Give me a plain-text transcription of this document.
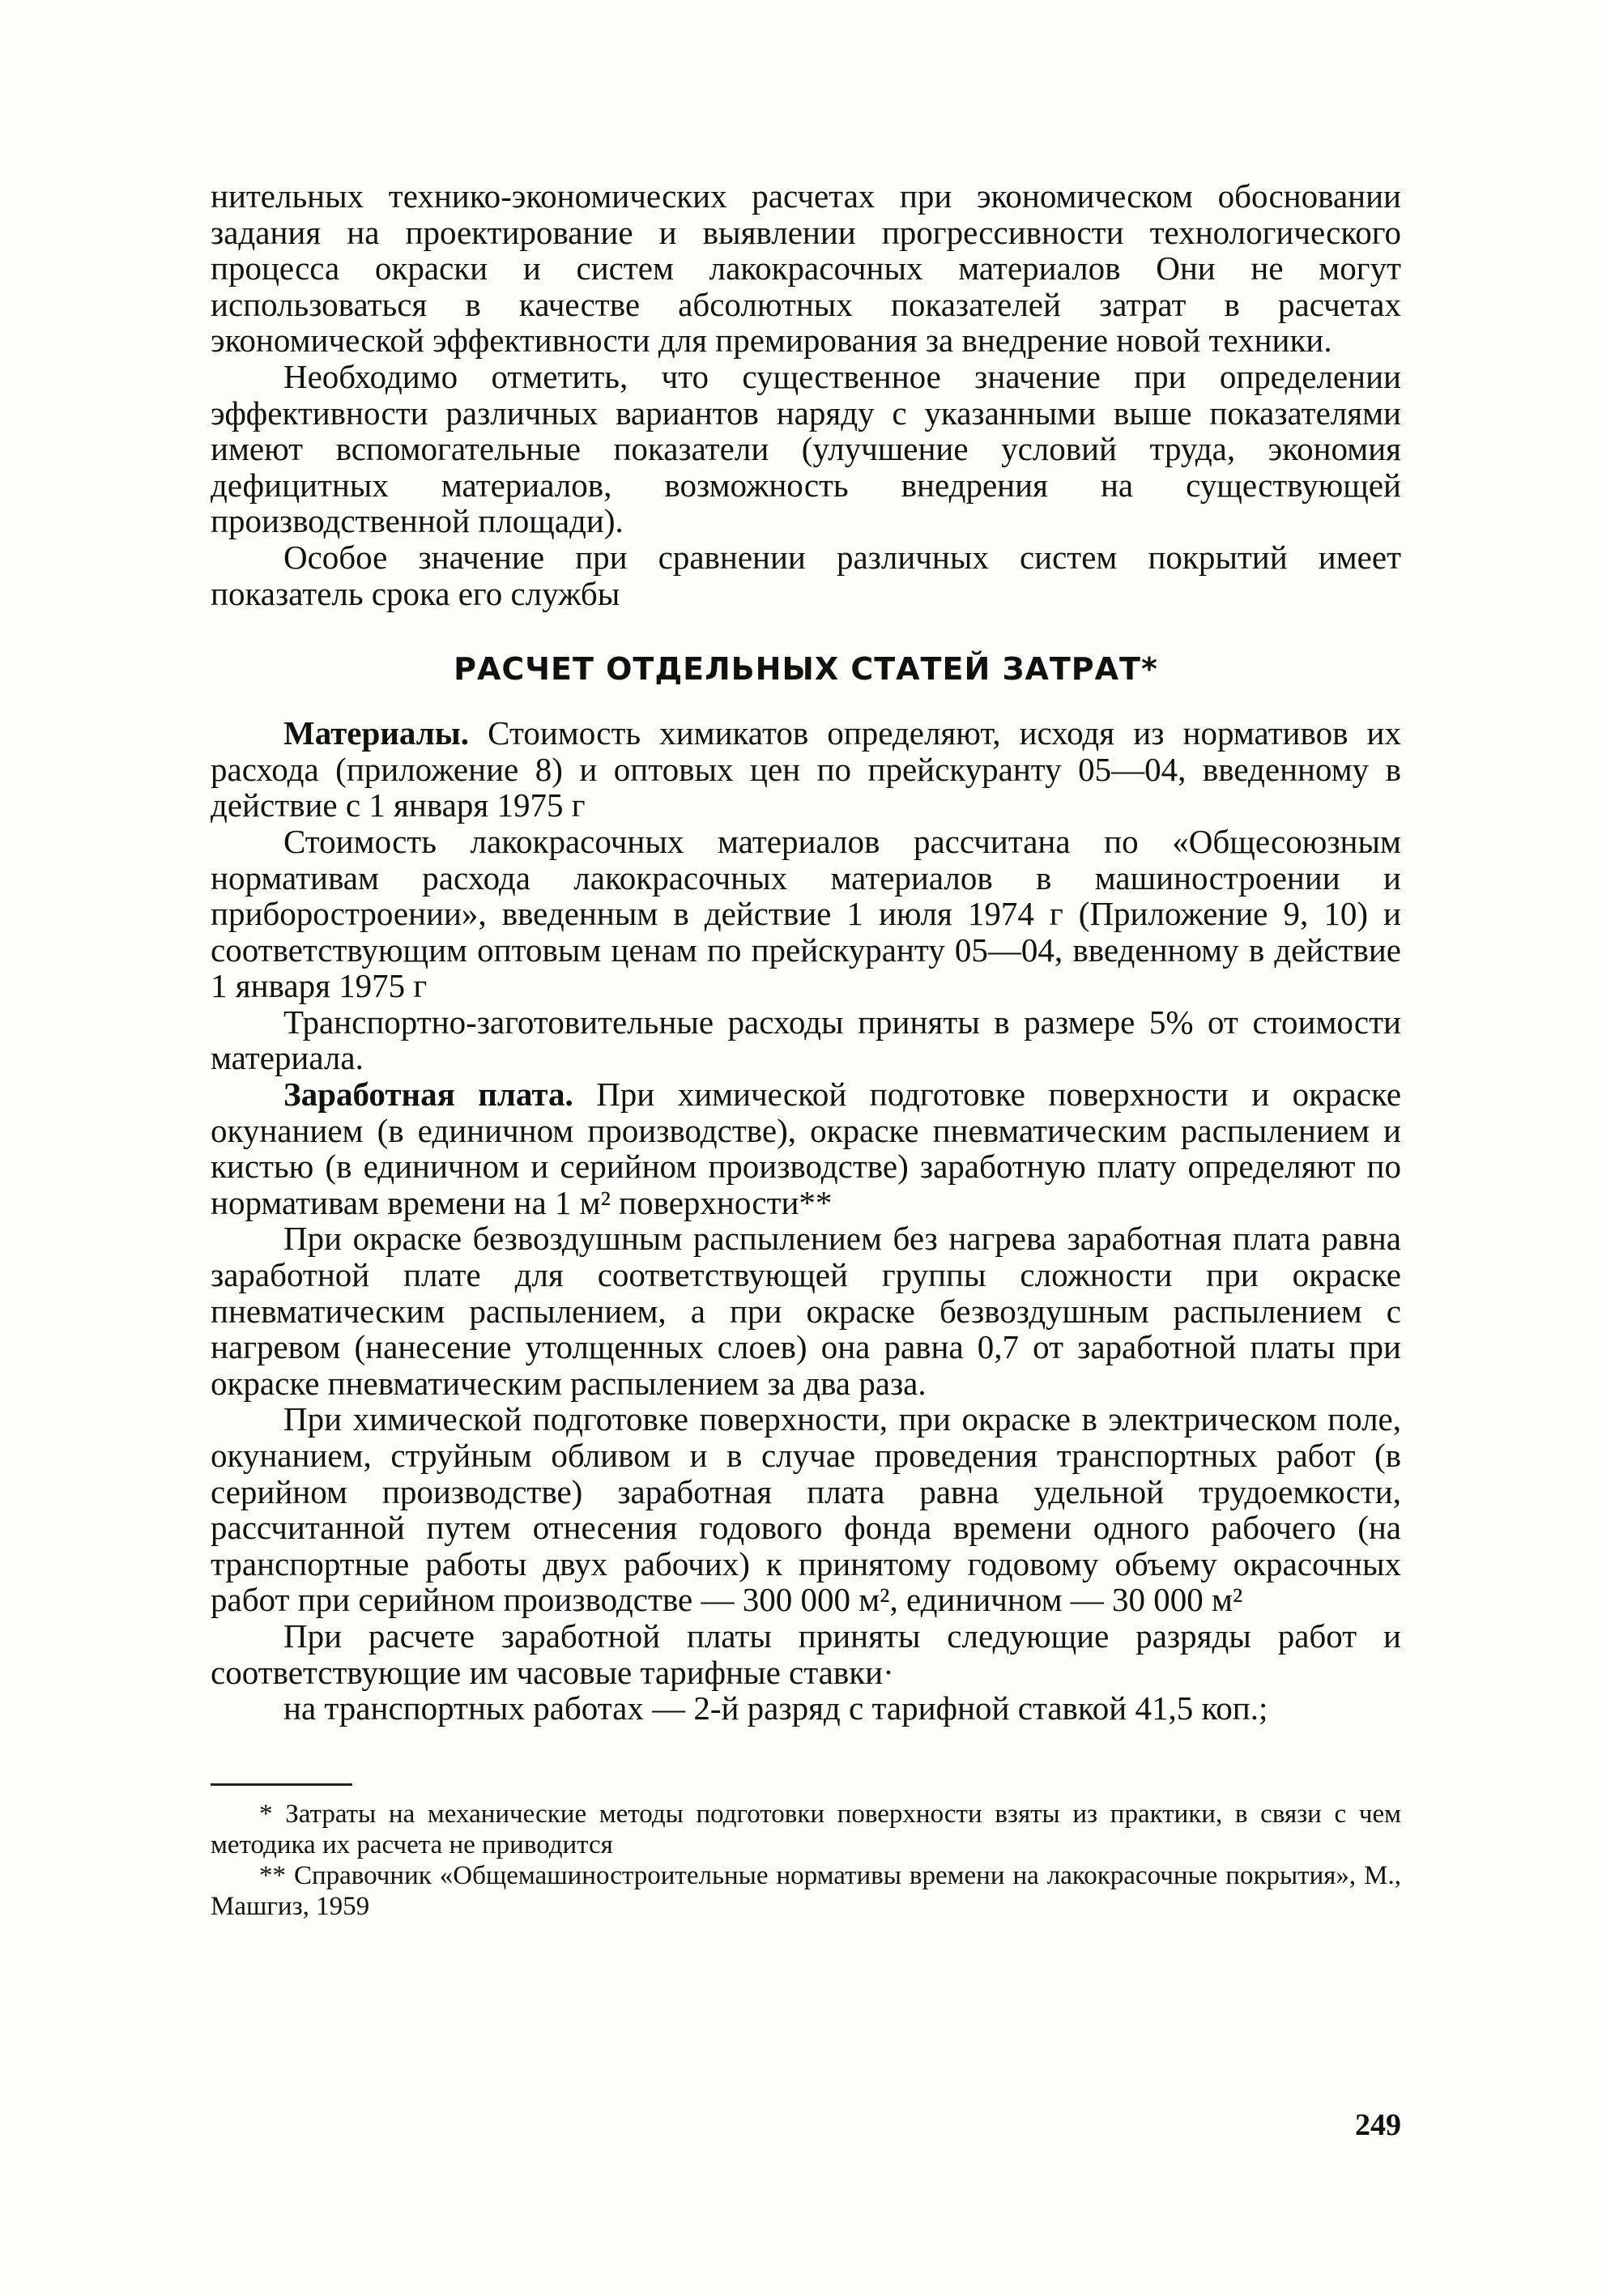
нительных технико-экономических расчетах при экономическом обосновании задания на проектирование и выявлении прогрессивности технологического процесса окраски и систем лакокрасочных материалов Они не могут использоваться в качестве абсолютных показателей затрат в расчетах экономической эффективности для премирования за внедрение новой техники.

Необходимо отметить, что существенное значение при определении эффективности различных вариантов наряду с указанными выше показателями имеют вспомогательные показатели (улучшение условий труда, экономия дефицитных материалов, возможность внедрения на существующей производственной площади).

Особое значение при сравнении различных систем покрытий имеет показатель срока его службы

РАСЧЕТ ОТДЕЛЬНЫХ СТАТЕЙ ЗАТРАТ*

Материалы. Стоимость химикатов определяют, исходя из нормативов их расхода (приложение 8) и оптовых цен по прейскуранту 05—04, введенному в действие с 1 января 1975 г

Стоимость лакокрасочных материалов рассчитана по «Общесоюзным нормативам расхода лакокрасочных материалов в машиностроении и приборостроении», введенным в действие 1 июля 1974 г (Приложение 9, 10) и соответствующим оптовым ценам по прейскуранту 05—04, введенному в действие 1 января 1975 г

Транспортно-заготовительные расходы приняты в размере 5% от стоимости материала.

Заработная плата. При химической подготовке поверхности и окраске окунанием (в единичном производстве), окраске пневматическим распылением и кистью (в единичном и серийном производстве) заработную плату определяют по нормативам времени на 1 м² поверхности**

При окраске безвоздушным распылением без нагрева заработная плата равна заработной плате для соответствующей группы сложности при окраске пневматическим распылением, а при окраске безвоздушным распылением с нагревом (нанесение утолщенных слоев) она равна 0,7 от заработной платы при окраске пневматическим распылением за два раза.

При химической подготовке поверхности, при окраске в электрическом поле, окунанием, струйным обливом и в случае проведения транспортных работ (в серийном производстве) заработная плата равна удельной трудоемкости, рассчитанной путем отнесения годового фонда времени одного рабочего (на транспортные работы двух рабочих) к принятому годовому объему окрасочных работ при серийном производстве — 300 000 м², единичном — 30 000 м²

При расчете заработной платы приняты следующие разряды работ и соответствующие им часовые тарифные ставки·

на транспортных работах — 2-й разряд с тарифной ставкой 41,5 коп.;

* Затраты на механические методы подготовки поверхности взяты из практики, в связи с чем методика их расчета не приводится

** Справочник «Общемашиностроительные нормативы времени на лакокрасочные покрытия», М., Машгиз, 1959

249
